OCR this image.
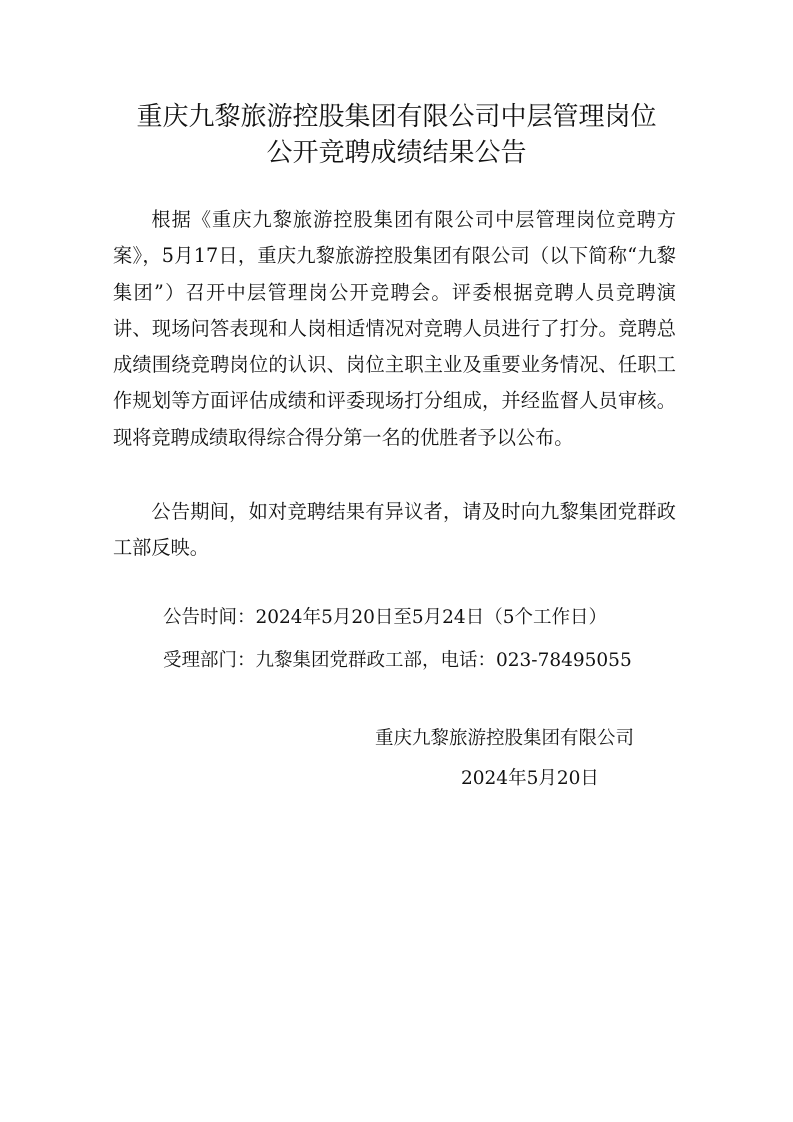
重庆九黎旅游控股集团有限公司中层管理岗位
公开竞聘成绩结果公告

根据《重庆九黎旅游控股集团有限公司中层管理岗位竞聘方案》，5月17日，重庆九黎旅游控股集团有限公司（以下简称“九黎集团”）召开中层管理岗公开竞聘会。评委根据竞聘人员竞聘演讲、现场问答表现和人岗相适情况对竞聘人员进行了打分。竞聘总成绩围绕竞聘岗位的认识、岗位主职主业及重要业务情况、任职工作规划等方面评估成绩和评委现场打分组成，并经监督人员审核。现将竞聘成绩取得综合得分第一名的优胜者予以公布。

公告期间，如对竞聘结果有异议者，请及时向九黎集团党群政工部反映。

公告时间：2024年5月20日至5月24日（5个工作日）

受理部门：九黎集团党群政工部，电话：023-78495055

重庆九黎旅游控股集团有限公司

2024年5月20日
